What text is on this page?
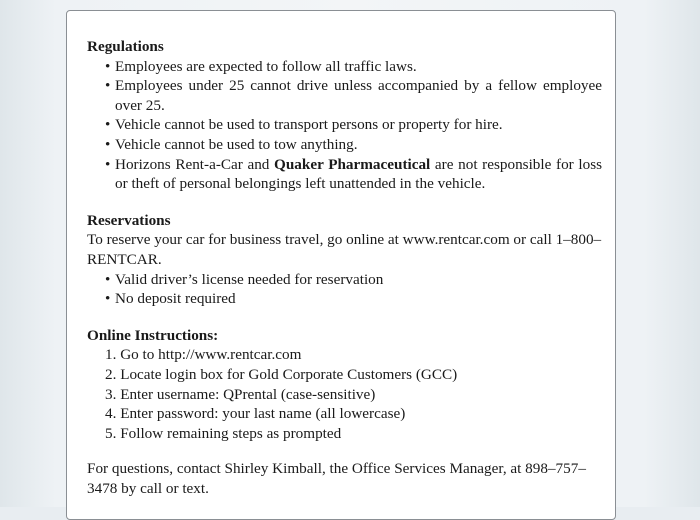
Regulations

• Employees are expected to follow all traffic laws.
• Employees under 25 cannot drive unless accompanied by a fellow employee over 25.
• Vehicle cannot be used to transport persons or property for hire.
• Vehicle cannot be used to tow anything.
• Horizons Rent-a-Car and Quaker Pharmaceutical are not responsible for loss or theft of personal belongings left unattended in the vehicle.

Reservations

To reserve your car for business travel, go online at www.rentcar.com or call 1–800–RENTCAR.

• Valid driver’s license needed for reservation
• No deposit required

Online Instructions:

1. Go to http://www.rentcar.com
2. Locate login box for Gold Corporate Customers (GCC)
3. Enter username: QPrental (case-sensitive)
4. Enter password: your last name (all lowercase)
5. Follow remaining steps as prompted

For questions, contact Shirley Kimball, the Office Services Manager, at 898–757–3478 by call or text.
